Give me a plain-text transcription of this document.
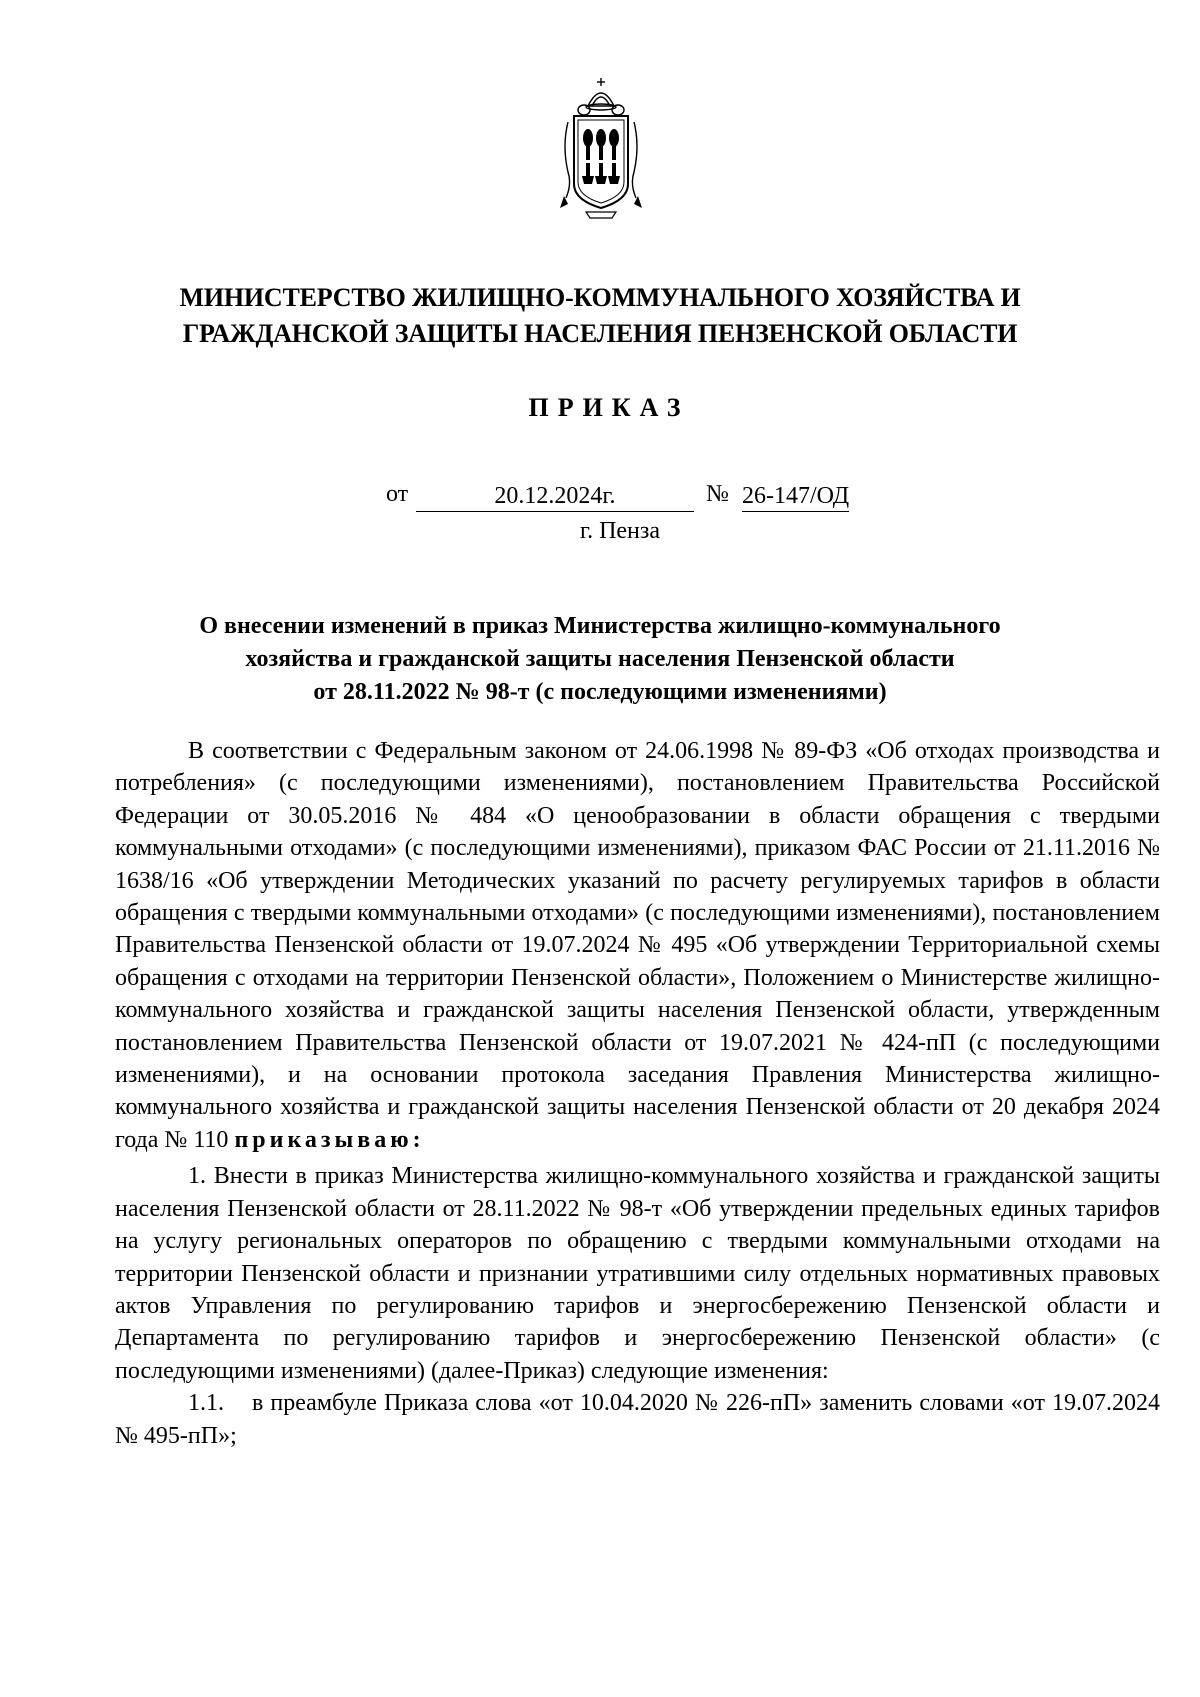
МИНИСТЕРСТВО ЖИЛИЩНО-КОММУНАЛЬНОГО ХОЗЯЙСТВА И
ГРАЖДАНСКОЙ ЗАЩИТЫ НАСЕЛЕНИЯ ПЕНЗЕНСКОЙ ОБЛАСТИ
ПРИКАЗ
от	20.12.2024г.	№ 26-147/ОД
г. Пенза
О внесении изменений в приказ Министерства жилищно-коммунального
хозяйства и гражданской защиты населения Пензенской области
от 28.11.2022 № 98-т (с последующими изменениями)

В соответствии с Федеральным законом от 24.06.1998 № 89-ФЗ «Об отходах производства и потребления» (с последующими изменениями), постановлением Правительства Российской Федерации от 30.05.2016 № 484 «О ценообразовании в области обращения с твердыми коммунальными отходами» (с последующими изменениями), приказом ФАС России от 21.11.2016 № 1638/16 «Об утверждении Методических указаний по расчету регулируемых тарифов в области обращения с твердыми коммунальными отходами» (с последующими изменениями), постановлением Правительства Пензенской области от 19.07.2024 № 495 «Об утверждении Территориальной схемы обращения с отходами на территории Пензенской области», Положением о Министерстве жилищно-коммунального хозяйства и гражданской защиты населения Пензенской области, утвержденным постановлением Правительства Пензенской области от 19.07.2021 № 424-пП (с последующими изменениями), и на основании протокола заседания Правления Министерства жилищно-коммунального хозяйства и гражданской защиты населения Пензенской области от 20 декабря 2024 года № 110 приказываю:

1. Внести в приказ Министерства жилищно-коммунального хозяйства и гражданской защиты населения Пензенской области от 28.11.2022 № 98-т «Об утверждении предельных единых тарифов на услугу региональных операторов по обращению с твердыми коммунальными отходами на территории Пензенской области и признании утратившими силу отдельных нормативных правовых актов Управления по регулированию тарифов и энергосбережению Пензенской области и Департамента по регулированию тарифов и энергосбережению Пензенской области» (с последующими изменениями) (далее-Приказ) следующие изменения:

1.1. в преамбуле Приказа слова «от 10.04.2020 № 226-пП» заменить словами «от 19.07.2024 № 495-пП»;
